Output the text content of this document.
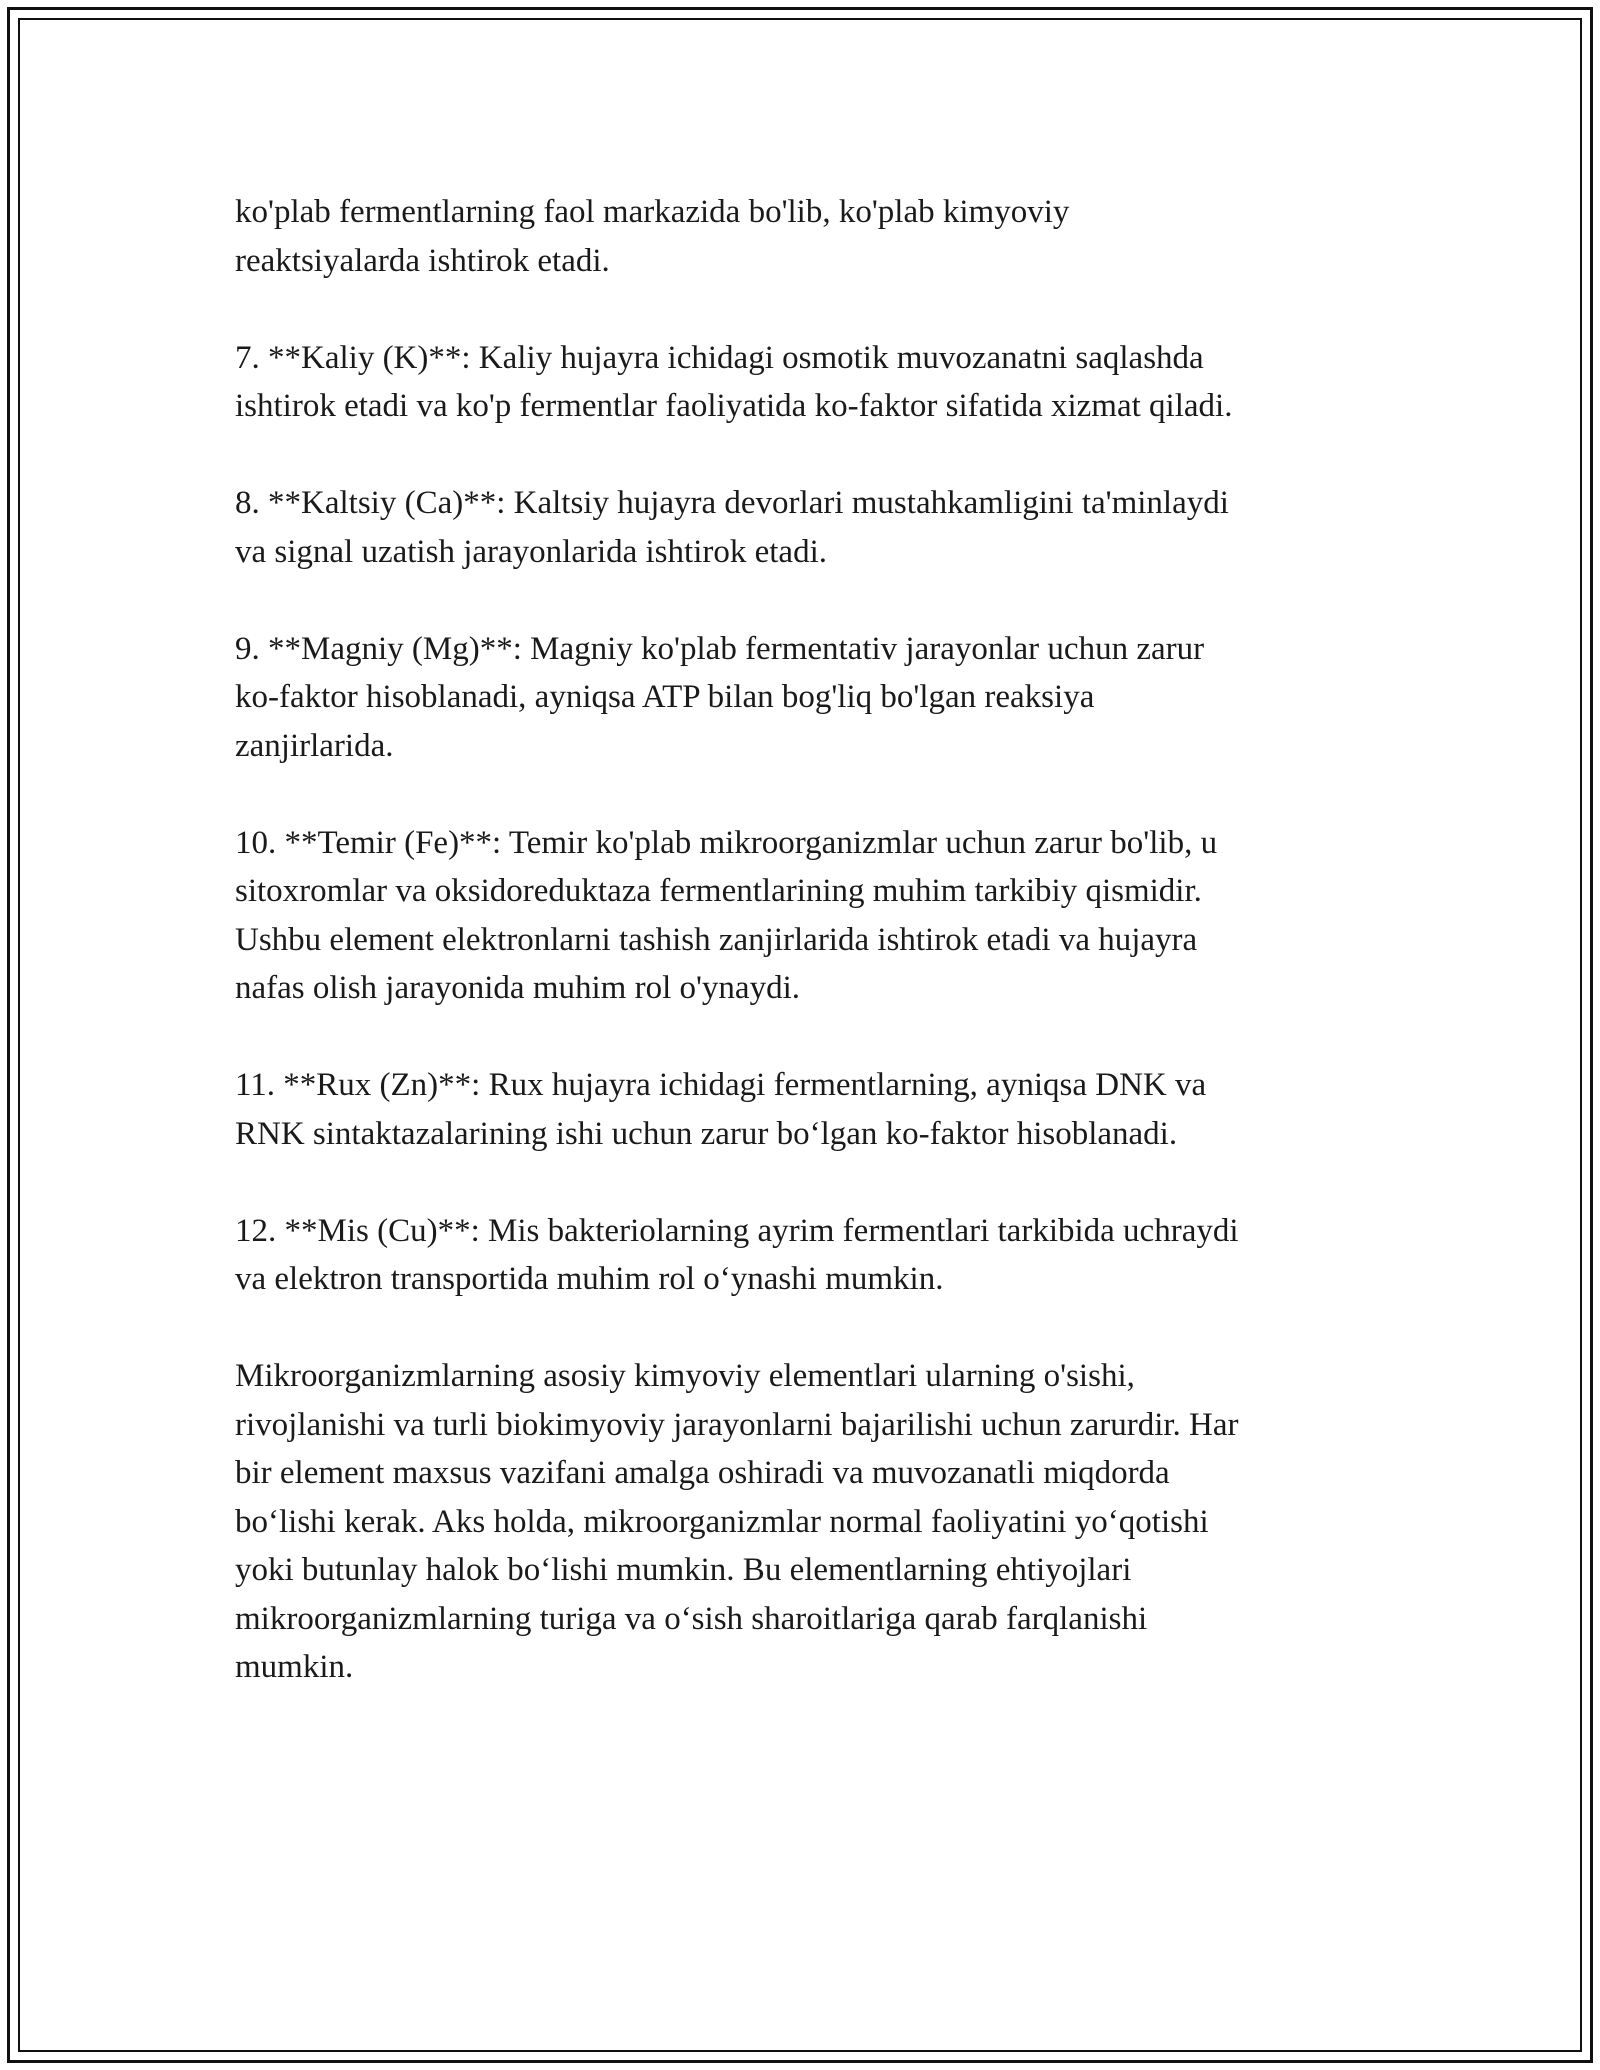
ko'plab fermentlarning faol markazida bo'lib, ko'plab kimyoviy
reaktsiyalarda ishtirok etadi.

7. **Kaliy (K)**: Kaliy hujayra ichidagi osmotik muvozanatni saqlashda
ishtirok etadi va ko'p fermentlar faoliyatida ko-faktor sifatida xizmat qiladi.

8. **Kaltsiy (Ca)**: Kaltsiy hujayra devorlari mustahkamligini ta'minlaydi
va signal uzatish jarayonlarida ishtirok etadi.

9. **Magniy (Mg)**: Magniy ko'plab fermentativ jarayonlar uchun zarur
ko-faktor hisoblanadi, ayniqsa ATP bilan bog'liq bo'lgan reaksiya
zanjirlarida.

10. **Temir (Fe)**: Temir ko'plab mikroorganizmlar uchun zarur bo'lib, u
sitoxromlar va oksidoreduktaza fermentlarining muhim tarkibiy qismidir.
Ushbu element elektronlarni tashish zanjirlarida ishtirok etadi va hujayra
nafas olish jarayonida muhim rol o'ynaydi.

11. **Rux (Zn)**: Rux hujayra ichidagi fermentlarning, ayniqsa DNK va
RNK sintaktazalarining ishi uchun zarur bo‘lgan ko-faktor hisoblanadi.

12. **Mis (Cu)**: Mis bakteriolarning ayrim fermentlari tarkibida uchraydi
va elektron transportida muhim rol o‘ynashi mumkin.

Mikroorganizmlarning asosiy kimyoviy elementlari ularning o'sishi,
rivojlanishi va turli biokimyoviy jarayonlarni bajarilishi uchun zarurdir. Har
bir element maxsus vazifani amalga oshiradi va muvozanatli miqdorda
bo‘lishi kerak. Aks holda, mikroorganizmlar normal faoliyatini yo‘qotishi
yoki butunlay halok bo‘lishi mumkin. Bu elementlarning ehtiyojlari
mikroorganizmlarning turiga va o‘sish sharoitlariga qarab farqlanishi
mumkin.
